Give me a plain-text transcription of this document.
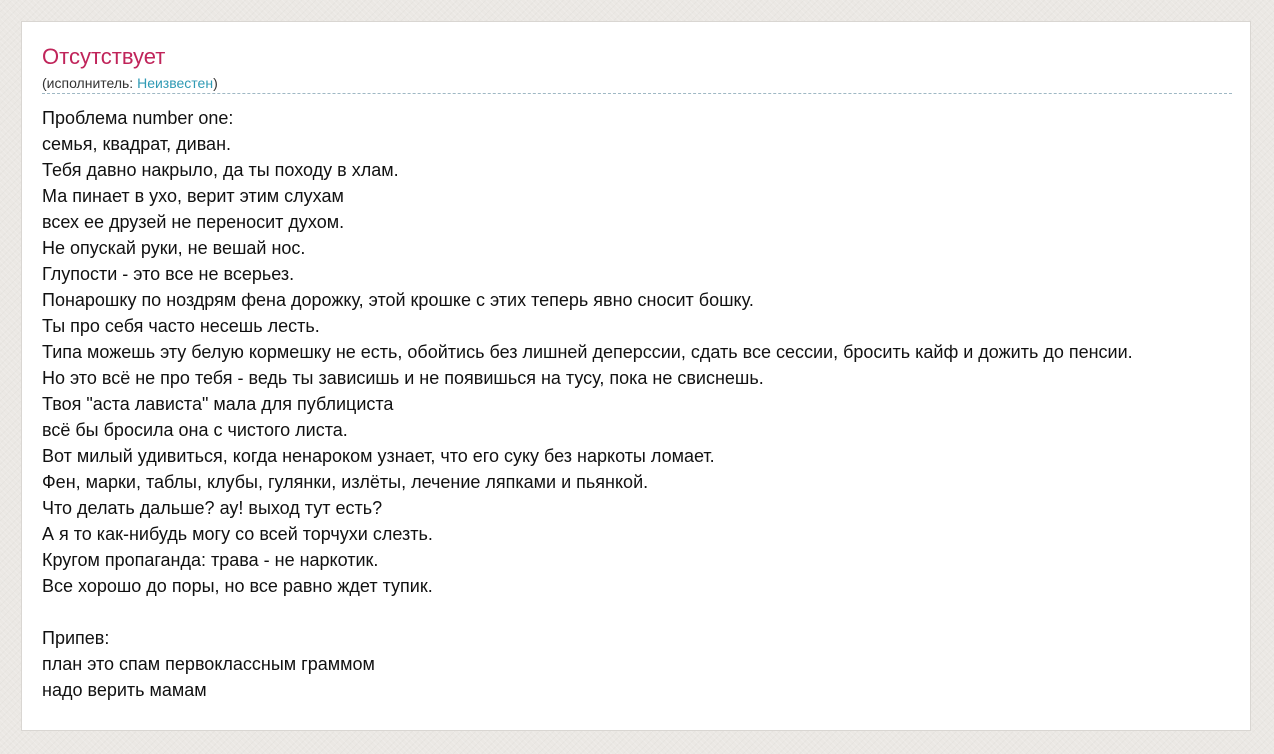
Отсутствует
(исполнитель: Неизвестен)
Проблема number one:
семья, квадрат, диван.
Тебя давно накрыло, да ты походу в хлам.
Ма пинает в ухо, верит этим слухам
всех ее друзей не переносит духом.
Не опускай руки, не вешай нос.
Глупости - это все не всерьез.
Понарошку по ноздрям фена дорожку, этой крошке с этих теперь явно сносит бошку.
Ты про себя часто несешь лесть.
Типа можешь эту белую кормешку не есть, обойтись без лишней деперссии, сдать все сессии, бросить кайф и дожить до пенсии.
Но это всё не про тебя - ведь ты зависишь и не появишься на тусу, пока не свиснешь.
Твоя "аста лависта" мала для публициста
всё бы бросила она с чистого листа.
Вот милый удивиться, когда ненароком узнает, что его суку без наркоты ломает.
Фен, марки, таблы, клубы, гулянки, излёты, лечение ляпками и пьянкой.
Что делать дальше? ау! выход тут есть?
А я то как-нибудь могу со всей торчухи слезть.
Кругом пропаганда: трава - не наркотик.
Все хорошо до поры, но все равно ждет тупик.
Припев:
план это спам первоклассным граммом
надо верить мамам
